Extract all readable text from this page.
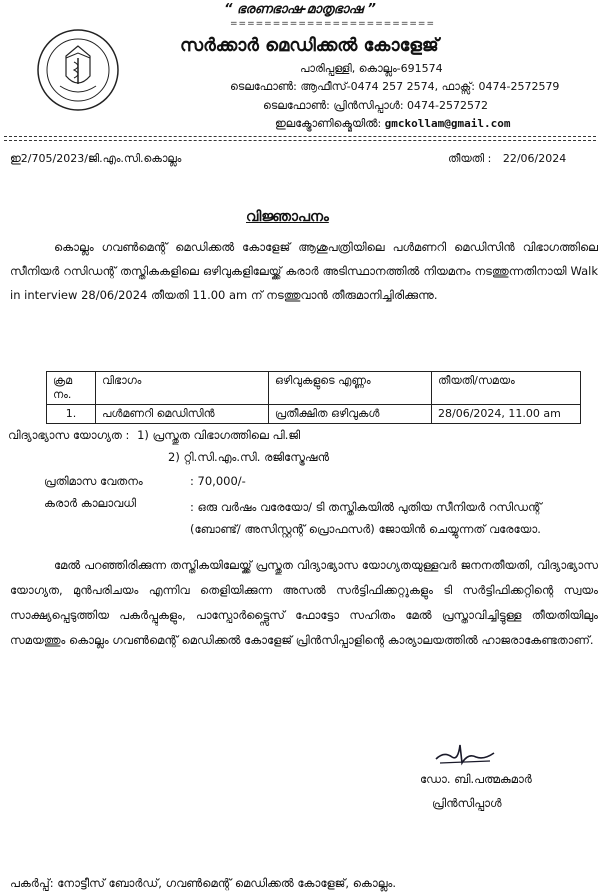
“ ഭരണഭാഷ-മാതൃഭാഷ ”
========================
സർക്കാർ മെഡിക്കൽ കോളേജ്
പാരിപ്പള്ളി, കൊല്ലം-691574
ടെലഫോൺ: ആഫീസ്-0474 257 2574, ഫാക്സ്: 0474-2572579
ടെലഫോൺ: പ്രിൻസിപ്പാൾ: 0474-2572572
ഇലക്ട്രോണിക്മെയിൽ: gmckollam@gmail.com
ഇ2/705/2023/ജി.എം.സി.കൊല്ലം	തീയതി : 22/06/2024
വിജ്ഞാപനം
കൊല്ലം ഗവൺമെന്റ് മെഡിക്കൽ കോളേജ് ആശുപത്രിയിലെ പൾമണറി മെഡിസിൻ വിഭാഗത്തിലെ സീനിയർ റസിഡന്റ് തസ്തികകളിലെ ഒഴിവുകളിലേയ്ക്ക് കരാർ അടിസ്ഥാനത്തിൽ നിയമനം നടത്തുന്നതിനായി Walk in interview 28/06/2024 തീയതി 11.00 am ന് നടത്തുവാൻ തീരുമാനിച്ചിരിക്കുന്നു.
ക്രമ നം.	വിഭാഗം	ഒഴിവുകളുടെ എണ്ണം	തീയതി/സമയം
1.	പൾമണറി മെഡിസിൻ	പ്രതീക്ഷിത ഒഴിവുകൾ	28/06/2024, 11.00 am
വിദ്യാഭ്യാസ യോഗ്യത : 1) പ്രസ്തുത വിഭാഗത്തിലെ പി.ജി
2) റ്റി.സി.എം.സി. രജിസ്ട്രേഷൻ
പ്രതിമാസ വേതനം	: 70,000/-
കരാർ കാലാവധി	: ഒരു വർഷം വരേയോ/ ടി തസ്തികയിൽ പുതിയ സീനിയർ റസിഡന്റ് (ബോണ്ട്/ അസിസ്റ്റന്റ് പ്രൊഫസർ) ജോയിൻ ചെയ്യുന്നത് വരേയോ.
മേൽ പറഞ്ഞിരിക്കുന്ന തസ്തികയിലേയ്ക്ക് പ്രസ്തുത വിദ്യാഭ്യാസ യോഗ്യതയുള്ളവർ ജനനതീയതി, വിദ്യാഭ്യാസ യോഗ്യത, മുൻപരിചയം എന്നിവ തെളിയിക്കുന്ന അസൽ സർട്ടിഫിക്കറ്റുകളും ടി സർട്ടിഫിക്കറ്റിന്റെ സ്വയം സാക്ഷ്യപ്പെടുത്തിയ പകർപ്പുകളും, പാസ്പോർട്ട്സൈസ് ഫോട്ടോ സഹിതം മേൽ പ്രസ്താവിച്ചിട്ടുള്ള തീയതിയിലും സമയത്തും കൊല്ലം ഗവൺമെന്റ് മെഡിക്കൽ കോളേജ് പ്രിൻസിപ്പാളിന്റെ കാര്യാലയത്തിൽ ഹാജരാകേണ്ടതാണ്.
ഡോ. ബി.പത്മകുമാർ
പ്രിൻസിപ്പാൾ
പകർപ്പ്: നോട്ടീസ് ബോർഡ്, ഗവൺമെന്റ് മെഡിക്കൽ കോളേജ്, കൊല്ലം.
